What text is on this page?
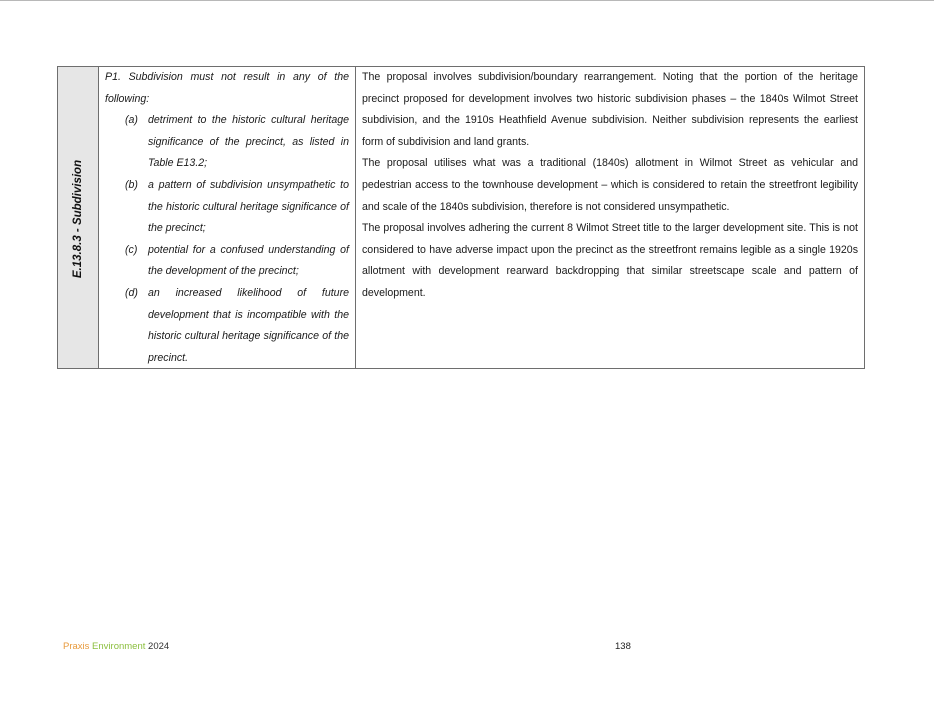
E.13.8.3 - Subdivision
P1. Subdivision must not result in any of the following:
(a) detriment to the historic cultural heritage significance of the precinct, as listed in Table E13.2;
(b) a pattern of subdivision unsympathetic to the historic cultural heritage significance of the precinct;
(c) potential for a confused understanding of the development of the precinct;
(d) an increased likelihood of future development that is incompatible with the historic cultural heritage significance of the precinct.

The proposal involves subdivision/boundary rearrangement. Noting that the portion of the heritage precinct proposed for development involves two historic subdivision phases – the 1840s Wilmot Street subdivision, and the 1910s Heathfield Avenue subdivision. Neither subdivision represents the earliest form of subdivision and land grants.

The proposal utilises what was a traditional (1840s) allotment in Wilmot Street as vehicular and pedestrian access to the townhouse development – which is considered to retain the streetfront legibility and scale of the 1840s subdivision, therefore is not considered unsympathetic.

The proposal involves adhering the current 8 Wilmot Street title to the larger development site. This is not considered to have adverse impact upon the precinct as the streetfront remains legible as a single 1920s allotment with development rearward backdropping that similar streetscape scale and pattern of development.

Praxis Environment 2024	138
